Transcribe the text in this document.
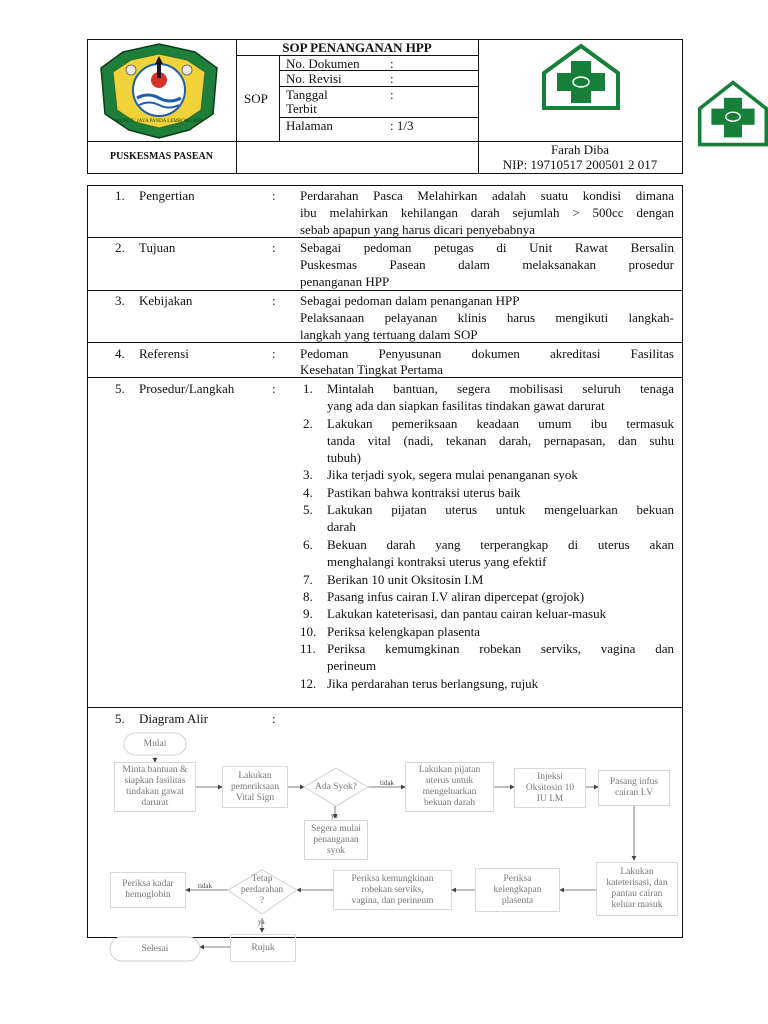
MENUJU JAYA PANDA LEMBONG SIBI
SOP PENANGANAN HPP
SOP
No. Dokumen :
No. Revisi	:
Tanggal	:
Terbit
Halaman	: 1/3
PUSKESMAS PASEAN	Farah Diba
NIP: 19710517 200501 2 017
1. Pengertian	: Perdarahan Pasca Melahirkan adalah suatu kondisi dimana
ibu melahirkan kehilangan darah sejumlah > 500cc dengan
sebab apapun yang harus dicari penyebabnya
2. Tujuan	: Sebagai pedoman petugas di Unit Rawat Bersalin
Puskesmas Pasean dalam melaksanakan prosedur
penanganan HPP
3. Kebijakan	: Sebagai pedoman dalam penanganan HPP
Pelaksanaan pelayanan klinis harus mengikuti langkah-
langkah yang tertuang dalam SOP
4. Referensi	: Pedoman Penyusunan dokumen akreditasi Fasilitas
Kesehatan Tingkat Pertama
5. Prosedur/Langkah	: 1. Mintalah bantuan, segera mobilisasi seluruh tenaga
yang ada dan siapkan fasilitas tindakan gawat darurat
2. Lakukan pemeriksaan keadaan umum ibu termasuk
tanda vital (nadi, tekanan darah, pernapasan, dan suhu
tubuh)
3. Jika terjadi syok, segera mulai penanganan syok
4. Pastikan bahwa kontraksi uterus baik
5. Lakukan pijatan uterus untuk mengeluarkan bekuan
darah
6. Bekuan darah yang terperangkap di uterus akan
menghalangi kontraksi uterus yang efektif
7. Berikan 10 unit Oksitosin I.M
8. Pasang infus cairan I.V aliran dipercepat (grojok)
9. Lakukan kateterisasi, dan pantau cairan keluar-masuk
10. Periksa kelengkapan plasenta
11. Periksa kemumgkinan robekan serviks, vagina dan
perineum
12. Jika perdarahan terus berlangsung, rujuk
5. Diagram Alir	:
Mulai
Minta bantuan &
siapkan fasilitas
tindakan gawat
darurat
Lakukan
pemeriksaan
Vital Sign
Ada Syok?	tidak
ya
Segera mulai
penanganan
syok
Lakukan pijatan
uterus untuk
mengeluarkan
bekuan darah
Injeksi
Oksitosin 10
IU I.M
Pasang infus
cairan I.V
Lakukan
kateterisasi, dan
pantau cairan
keluar masuk
Periksa
kelengkapan
plasenta
Periksa kemungkinan
robekan serviks,
vagina, dan perineum
Tetap
perdarahan
?
tidak
ya
Periksa kadar
hemoglobin
Rujuk
Selesai
